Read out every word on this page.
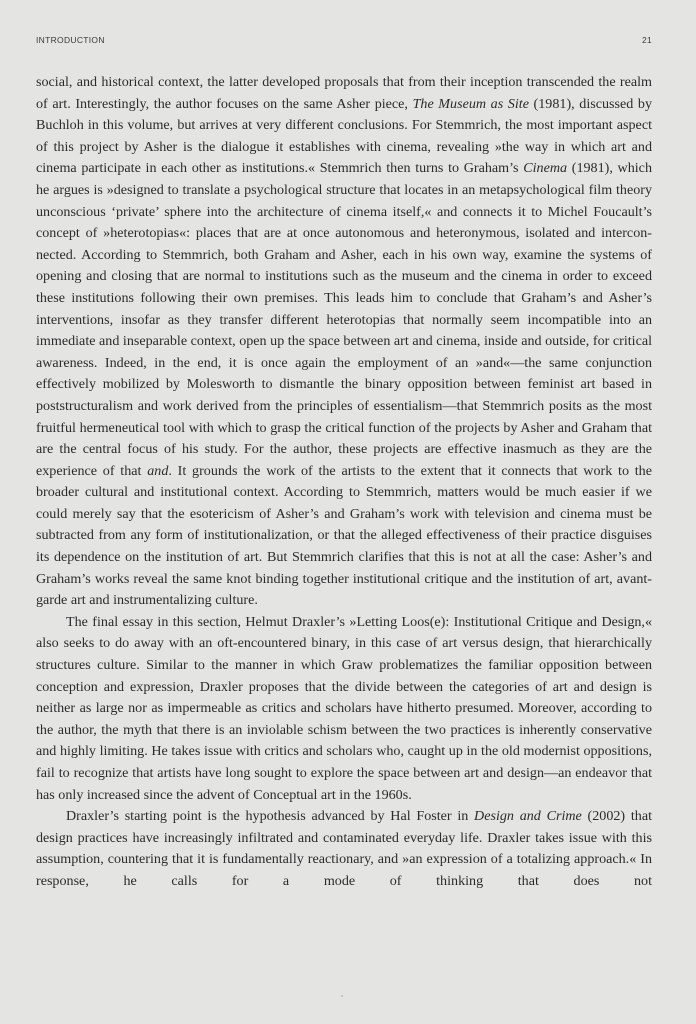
INTRODUCTION	21

social, and historical context, the latter developed proposals that from their inception transcended the realm of art. Interestingly, the author focuses on the same Asher piece, The Museum as Site (1981), discussed by Buchloh in this volume, but arrives at very different conclusions. For Stemmrich, the most important aspect of this project by Asher is the dialogue it establishes with cinema, revealing »the way in which art and cinema participate in each other as institutions.« Stemmrich then turns to Graham’s Cinema (1981), which he argues is »designed to translate a psychological structure that locates in an metapsychological film theory unconscious ‘private’ sphere into the architecture of cinema itself,« and connects it to Michel Foucault’s concept of »heterotopias«: places that are at once autonomous and heteronymous, isolated and interconnected. According to Stemmrich, both Graham and Asher, each in his own way, examine the systems of opening and closing that are normal to institutions such as the museum and the cinema in order to exceed these institutions following their own premises. This leads him to conclude that Graham’s and Asher’s interventions, insofar as they transfer different heterotopias that normally seem incompatible into an immediate and inseparable context, open up the space between art and cinema, inside and outside, for critical awareness. Indeed, in the end, it is once again the employment of an »and«—the same conjunction effectively mobilized by Molesworth to dismantle the binary opposition between feminist art based in poststructuralism and work derived from the principles of essentialism—that Stemmrich posits as the most fruitful hermeneutical tool with which to grasp the critical function of the projects by Asher and Graham that are the central focus of his study. For the author, these projects are effective inasmuch as they are the experience of that and. It grounds the work of the artists to the extent that it connects that work to the broader cultural and institutional context. According to Stemmrich, matters would be much easier if we could merely say that the esotericism of Asher’s and Graham’s work with television and cinema must be subtracted from any form of institutionalization, or that the alleged effectiveness of their practice disguises its dependence on the institution of art. But Stemmrich clarifies that this is not at all the case: Asher’s and Graham’s works reveal the same knot binding together institutional critique and the institution of art, avant-garde art and instrumentalizing culture.

The final essay in this section, Helmut Draxler’s »Letting Loos(e): Institutional Critique and Design,« also seeks to do away with an oft-encountered binary, in this case of art versus design, that hierarchically structures culture. Similar to the manner in which Graw problematizes the familiar opposition between conception and expression, Draxler proposes that the divide between the categories of art and design is neither as large nor as impermeable as critics and scholars have hitherto presumed. Moreover, according to the author, the myth that there is an inviolable schism between the two practices is inherently conservative and highly limiting. He takes issue with critics and scholars who, caught up in the old modernist oppositions, fail to recognize that artists have long sought to explore the space between art and design—an endeavor that has only increased since the advent of Conceptual art in the 1960s.

Draxler’s starting point is the hypothesis advanced by Hal Foster in Design and Crime (2002) that design practices have increasingly infiltrated and contaminated everyday life. Draxler takes issue with this assumption, countering that it is fundamentally reactionary, and »an expression of a totalizing approach.« In response, he calls for a mode of thinking that does not
